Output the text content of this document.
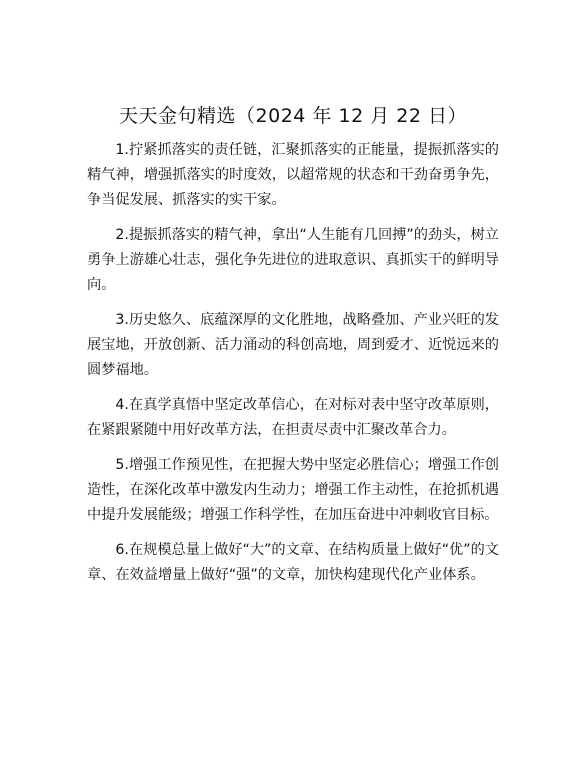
天天金句精选（2024 年 12 月 22 日）

1.拧紧抓落实的责任链，汇聚抓落实的正能量，提振抓落实的精气神，增强抓落实的时度效，以超常规的状态和干劲奋勇争先，争当促发展、抓落实的实干家。

2.提振抓落实的精气神，拿出“人生能有几回搏”的劲头，树立勇争上游雄心壮志，强化争先进位的进取意识、真抓实干的鲜明导向。

3.历史悠久、底蕴深厚的文化胜地，战略叠加、产业兴旺的发展宝地，开放创新、活力涌动的科创高地，周到爱才、近悦远来的圆梦福地。

4.在真学真悟中坚定改革信心，在对标对表中坚守改革原则，在紧跟紧随中用好改革方法，在担责尽责中汇聚改革合力。

5.增强工作预见性，在把握大势中坚定必胜信心；增强工作创造性，在深化改革中激发内生动力；增强工作主动性，在抢抓机遇中提升发展能级；增强工作科学性，在加压奋进中冲刺收官目标。

6.在规模总量上做好“大”的文章、在结构质量上做好“优”的文章、在效益增量上做好“强”的文章，加快构建现代化产业体系。
